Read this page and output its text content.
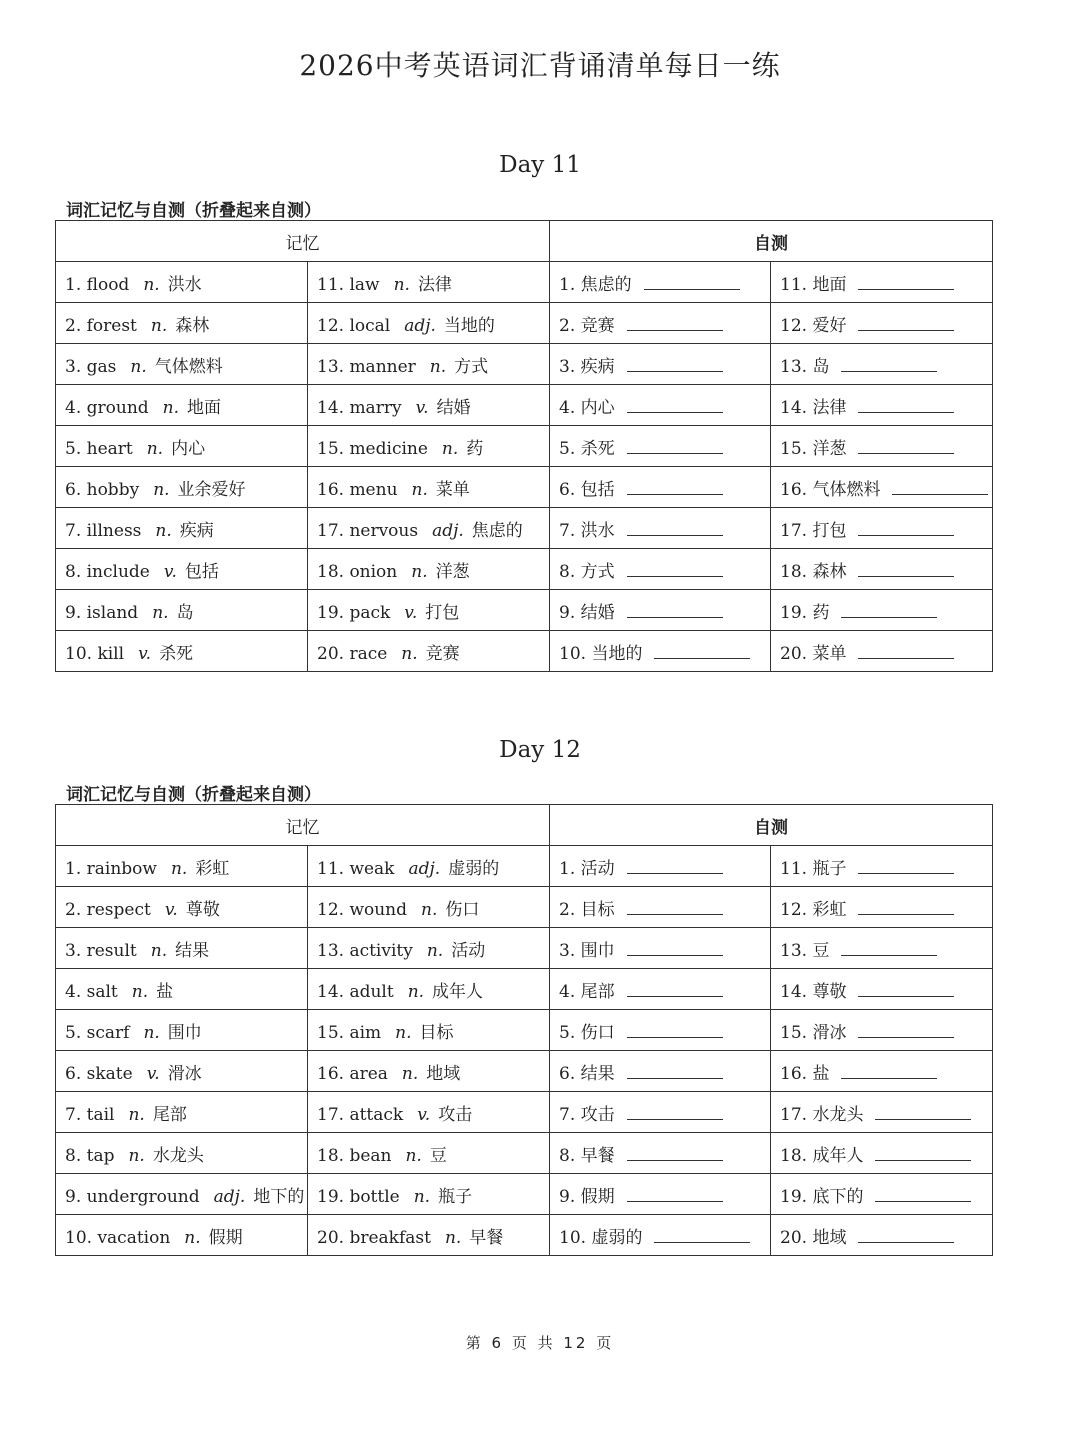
2026中考英语词汇背诵清单每日一练
Day 11
词汇记忆与自测（折叠起来自测）
记忆		自测	
1. flood n. 洪水	11. law n. 法律	1. 焦虑的	11. 地面
2. forest n. 森林	12. local adj. 当地的	2. 竞赛	12. 爱好
3. gas n. 气体燃料	13. manner n. 方式	3. 疾病	13. 岛
4. ground n. 地面	14. marry v. 结婚	4. 内心	14. 法律
5. heart n. 内心	15. medicine n. 药	5. 杀死	15. 洋葱
6. hobby n. 业余爱好	16. menu n. 菜单	6. 包括	16. 气体燃料
7. illness n. 疾病	17. nervous adj. 焦虑的	7. 洪水	17. 打包
8. include v. 包括	18. onion n. 洋葱	8. 方式	18. 森林
9. island n. 岛	19. pack v. 打包	9. 结婚	19. 药
10. kill v. 杀死	20. race n. 竞赛	10. 当地的	20. 菜单
Day 12
词汇记忆与自测（折叠起来自测）
记忆		自测	
1. rainbow n. 彩虹	11. weak adj. 虚弱的	1. 活动	11. 瓶子
2. respect v. 尊敬	12. wound n. 伤口	2. 目标	12. 彩虹
3. result n. 结果	13. activity n. 活动	3. 围巾	13. 豆
4. salt n. 盐	14. adult n. 成年人	4. 尾部	14. 尊敬
5. scarf n. 围巾	15. aim n. 目标	5. 伤口	15. 滑冰
6. skate v. 滑冰	16. area n. 地域	6. 结果	16. 盐
7. tail n. 尾部	17. attack v. 攻击	7. 攻击	17. 水龙头
8. tap n. 水龙头	18. bean n. 豆	8. 早餐	18. 成年人
9. underground adj. 地下的	19. bottle n. 瓶子	9. 假期	19. 底下的
10. vacation n. 假期	20. breakfast n. 早餐	10. 虚弱的	20. 地域
第 6 页 共 12 页
